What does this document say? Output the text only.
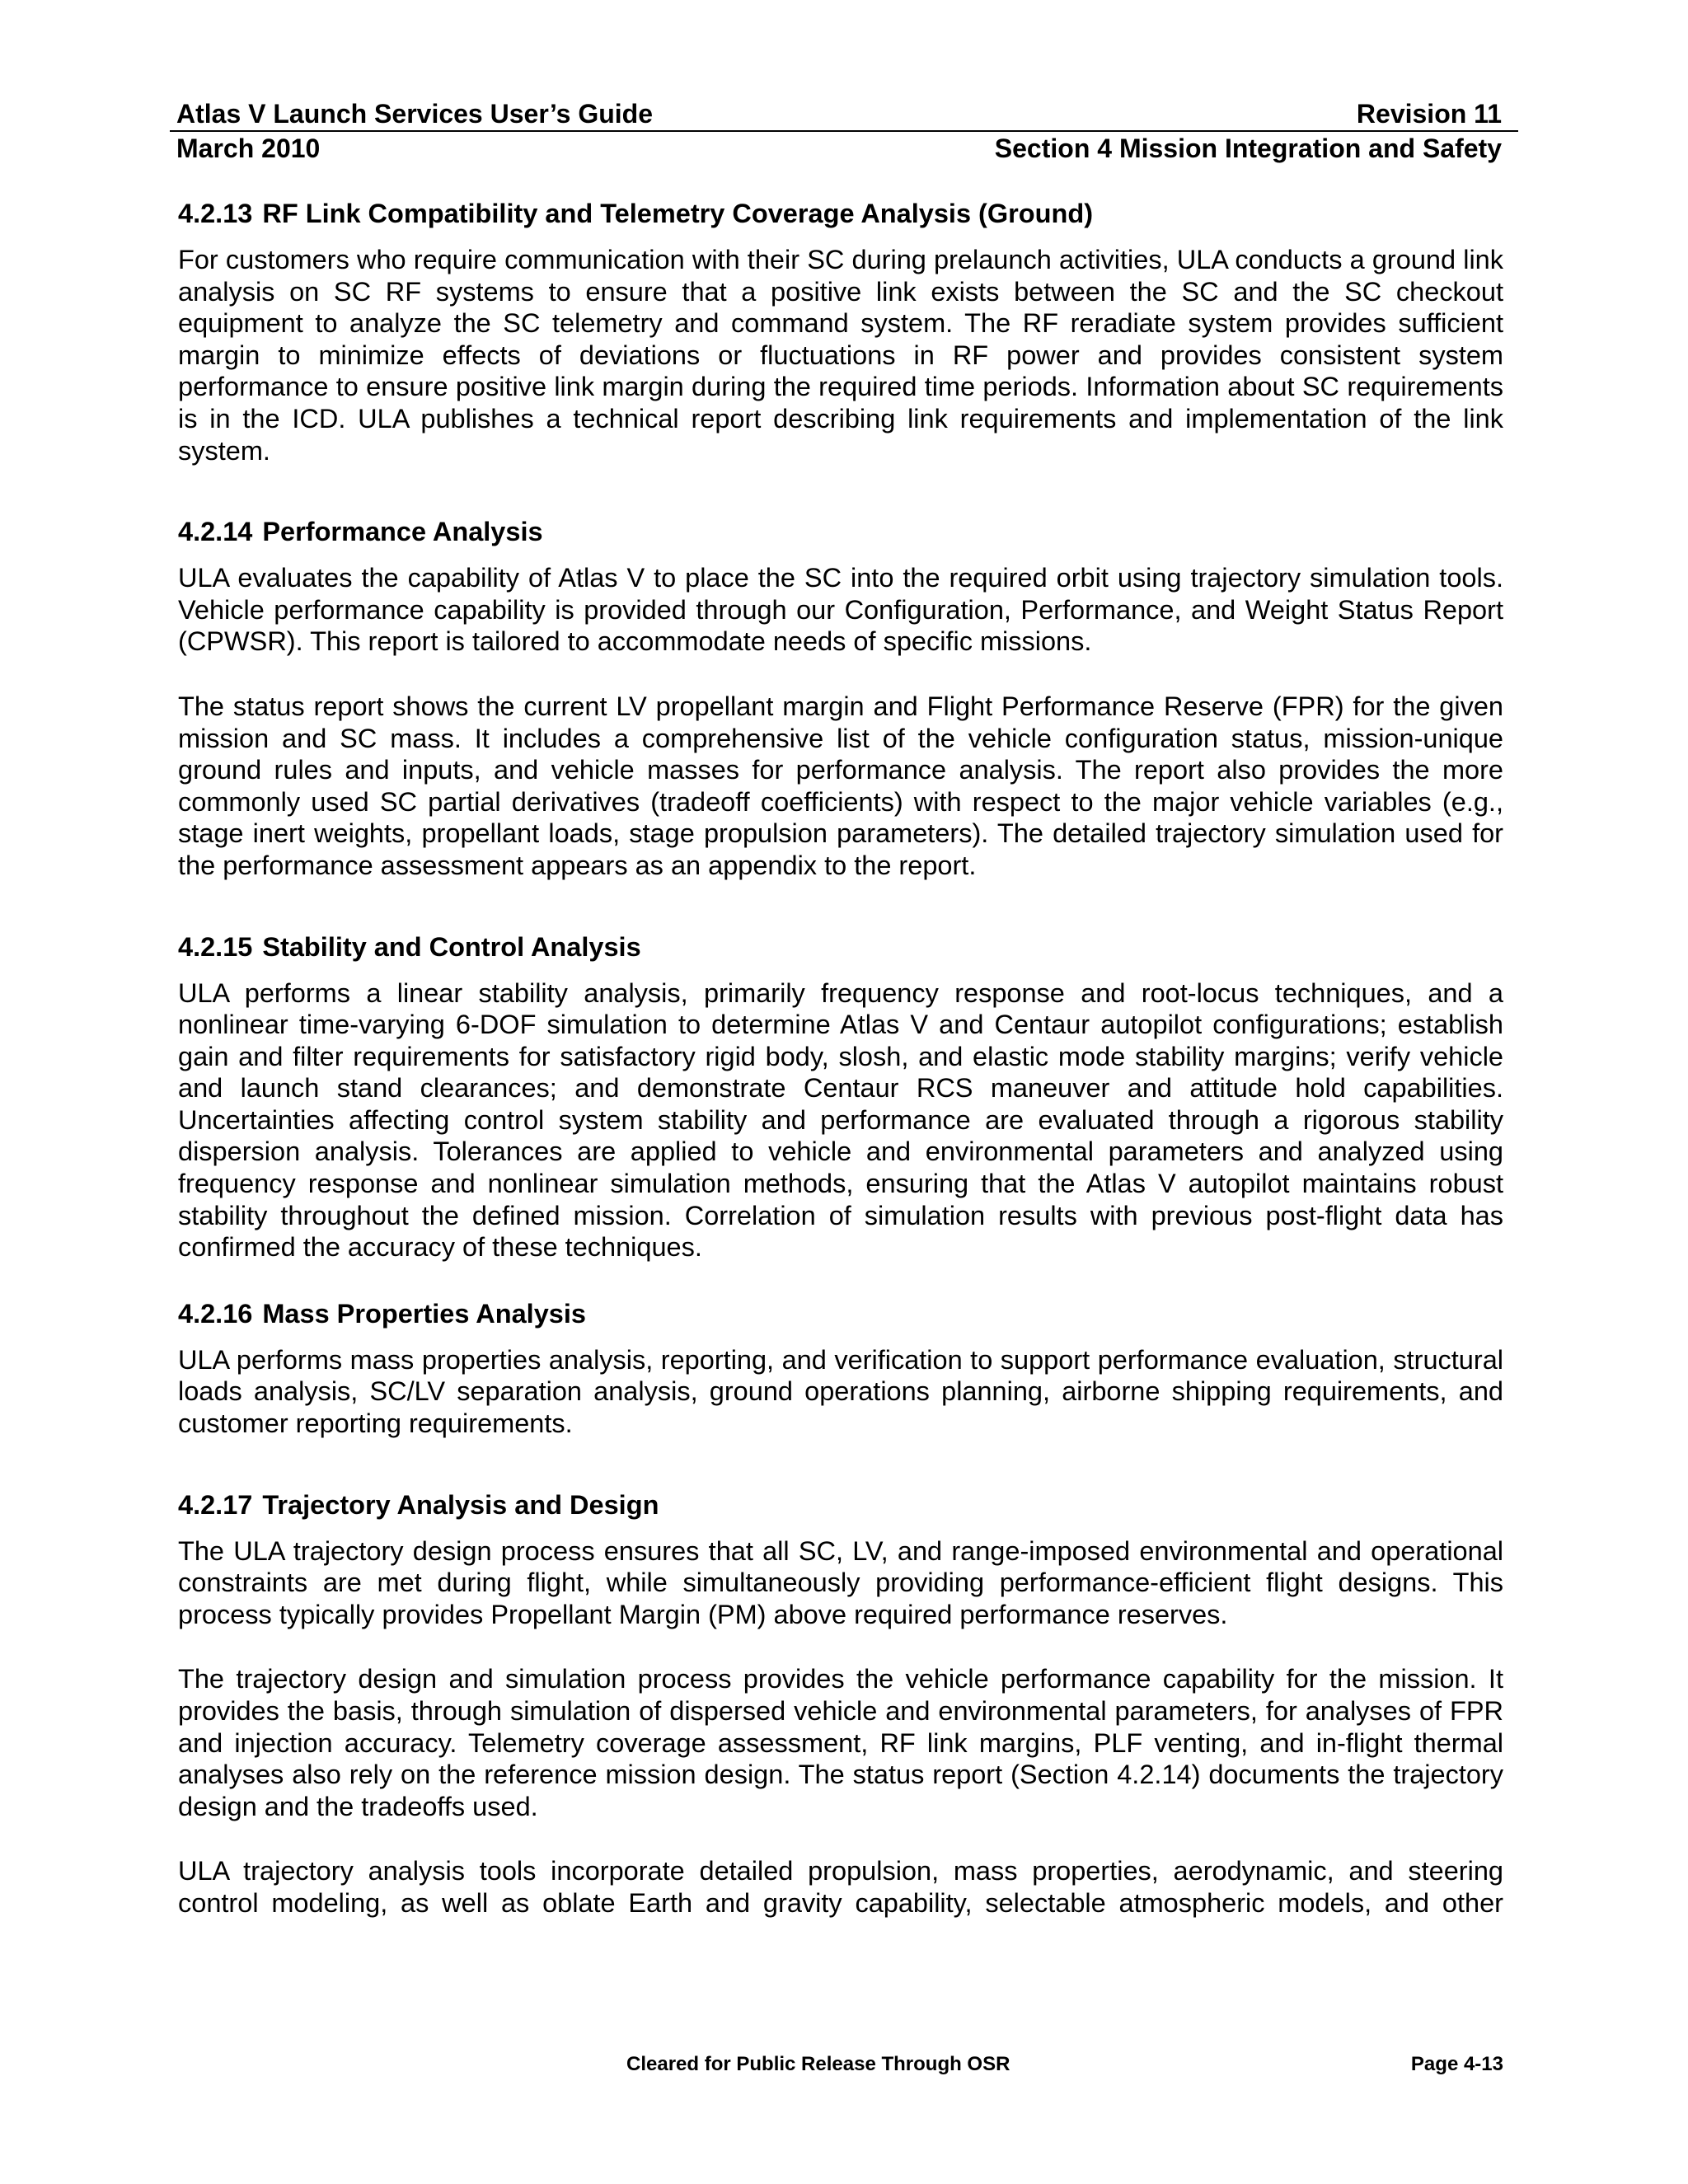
Atlas V Launch Services User’s Guide	Revision 11
March 2010	Section 4 Mission Integration and Safety
4.2.13 RF Link Compatibility and Telemetry Coverage Analysis (Ground)

For customers who require communication with their SC during prelaunch activities, ULA conducts a ground link analysis on SC RF systems to ensure that a positive link exists between the SC and the SC checkout equipment to analyze the SC telemetry and command system. The RF reradiate system provides sufficient margin to minimize effects of deviations or fluctuations in RF power and provides consistent system performance to ensure positive link margin during the required time periods. Information about SC requirements is in the ICD. ULA publishes a technical report describing link requirements and implementation of the link system.

4.2.14 Performance Analysis

ULA evaluates the capability of Atlas V to place the SC into the required orbit using trajectory simulation tools. Vehicle performance capability is provided through our Configuration, Performance, and Weight Status Report (CPWSR). This report is tailored to accommodate needs of specific missions.

The status report shows the current LV propellant margin and Flight Performance Reserve (FPR) for the given mission and SC mass. It includes a comprehensive list of the vehicle configuration status, mission-unique ground rules and inputs, and vehicle masses for performance analysis. The report also provides the more commonly used SC partial derivatives (tradeoff coefficients) with respect to the major vehicle variables (e.g., stage inert weights, propellant loads, stage propulsion parameters). The detailed trajectory simulation used for the performance assessment appears as an appendix to the report.

4.2.15 Stability and Control Analysis

ULA performs a linear stability analysis, primarily frequency response and root-locus techniques, and a nonlinear time-varying 6-DOF simulation to determine Atlas V and Centaur autopilot configurations; establish gain and filter requirements for satisfactory rigid body, slosh, and elastic mode stability margins; verify vehicle and launch stand clearances; and demonstrate Centaur RCS maneuver and attitude hold capabilities. Uncertainties affecting control system stability and performance are evaluated through a rigorous stability dispersion analysis. Tolerances are applied to vehicle and environmental parameters and analyzed using frequency response and nonlinear simulation methods, ensuring that the Atlas V autopilot maintains robust stability throughout the defined mission. Correlation of simulation results with previous post-flight data has confirmed the accuracy of these techniques.

4.2.16 Mass Properties Analysis

ULA performs mass properties analysis, reporting, and verification to support performance evaluation, structural loads analysis, SC/LV separation analysis, ground operations planning, airborne shipping requirements, and customer reporting requirements.

4.2.17 Trajectory Analysis and Design

The ULA trajectory design process ensures that all SC, LV, and range-imposed environmental and operational constraints are met during flight, while simultaneously providing performance-efficient flight designs. This process typically provides Propellant Margin (PM) above required performance reserves.

The trajectory design and simulation process provides the vehicle performance capability for the mission. It provides the basis, through simulation of dispersed vehicle and environmental parameters, for analyses of FPR and injection accuracy. Telemetry coverage assessment, RF link margins, PLF venting, and in-flight thermal analyses also rely on the reference mission design. The status report (Section 4.2.14) documents the trajectory design and the tradeoffs used.

ULA trajectory analysis tools incorporate detailed propulsion, mass properties, aerodynamic, and steering control modeling, as well as oblate Earth and gravity capability, selectable atmospheric models, and other

Cleared for Public Release Through OSR	Page 4-13
